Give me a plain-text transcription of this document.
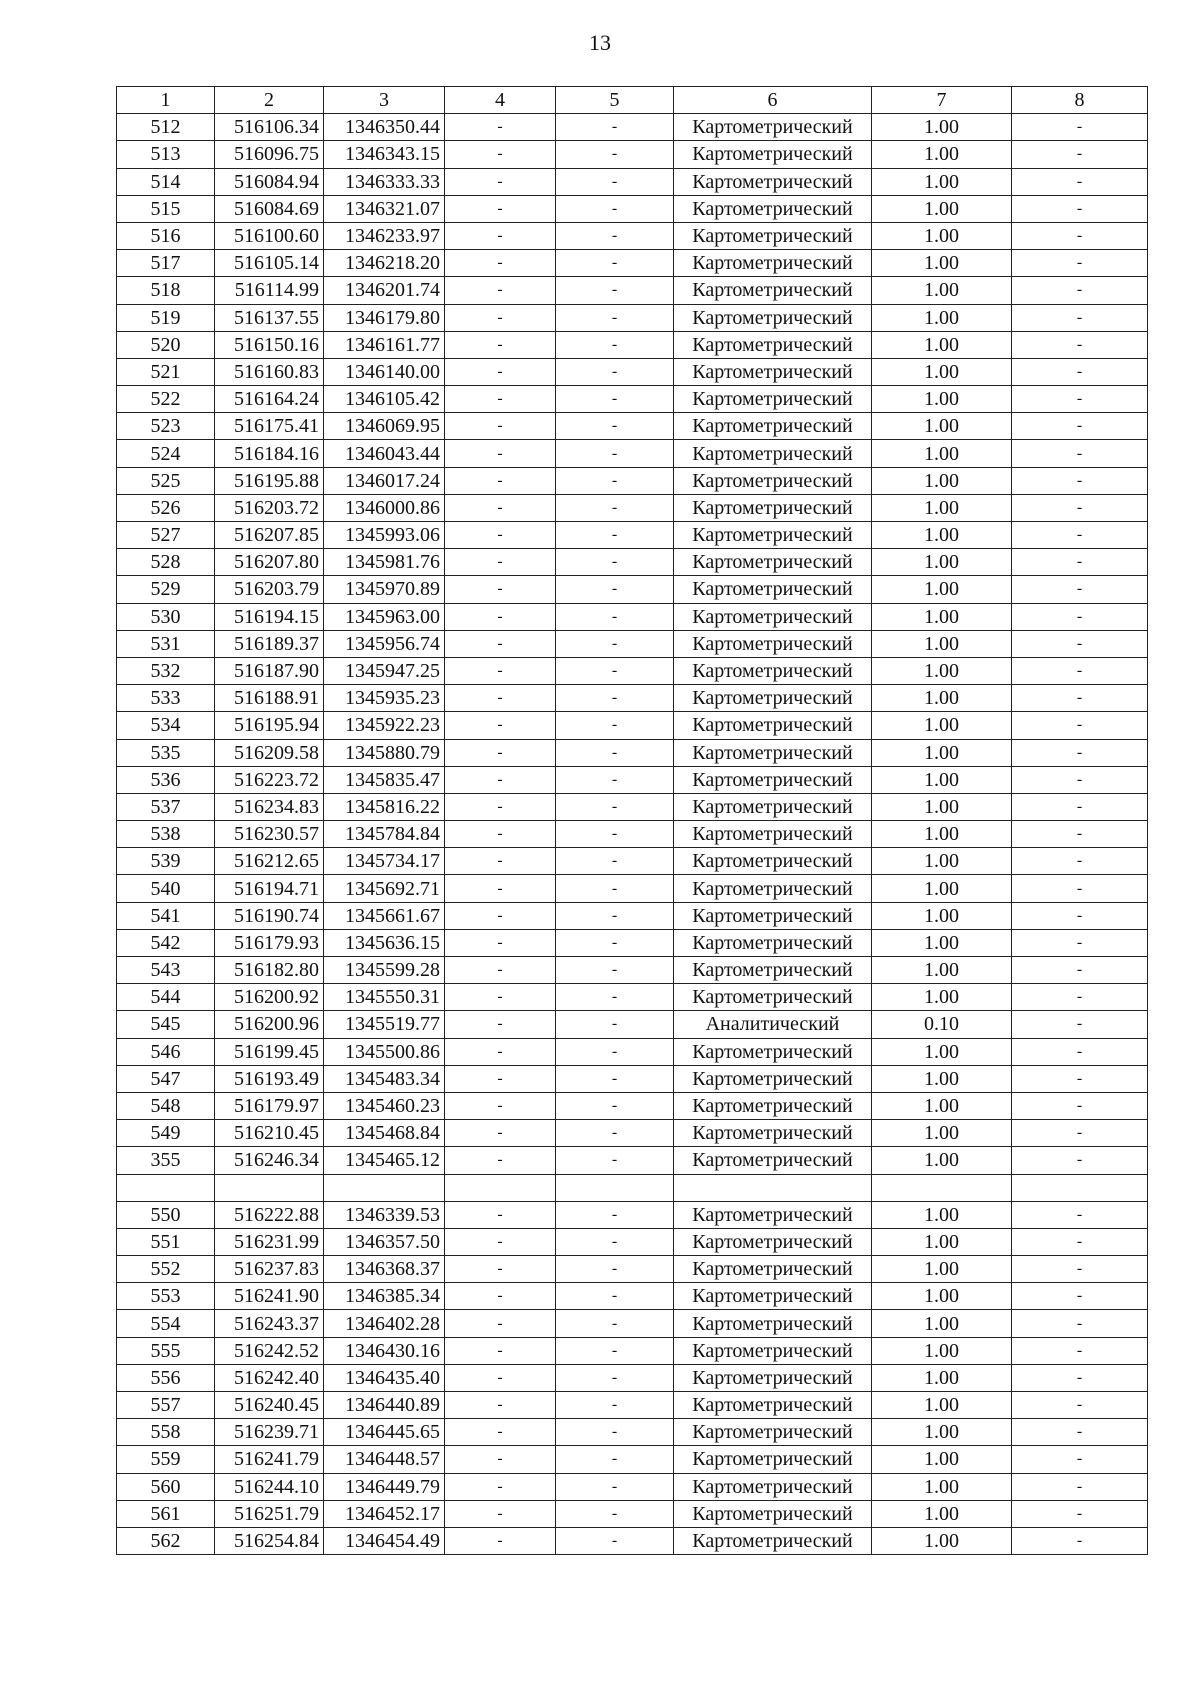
13
1	2	3	4	5	6	7	8
512	516106.34	1346350.44	-	-	Картометрический	1.00	-
513	516096.75	1346343.15	-	-	Картометрический	1.00	-
514	516084.94	1346333.33	-	-	Картометрический	1.00	-
515	516084.69	1346321.07	-	-	Картометрический	1.00	-
516	516100.60	1346233.97	-	-	Картометрический	1.00	-
517	516105.14	1346218.20	-	-	Картометрический	1.00	-
518	516114.99	1346201.74	-	-	Картометрический	1.00	-
519	516137.55	1346179.80	-	-	Картометрический	1.00	-
520	516150.16	1346161.77	-	-	Картометрический	1.00	-
521	516160.83	1346140.00	-	-	Картометрический	1.00	-
522	516164.24	1346105.42	-	-	Картометрический	1.00	-
523	516175.41	1346069.95	-	-	Картометрический	1.00	-
524	516184.16	1346043.44	-	-	Картометрический	1.00	-
525	516195.88	1346017.24	-	-	Картометрический	1.00	-
526	516203.72	1346000.86	-	-	Картометрический	1.00	-
527	516207.85	1345993.06	-	-	Картометрический	1.00	-
528	516207.80	1345981.76	-	-	Картометрический	1.00	-
529	516203.79	1345970.89	-	-	Картометрический	1.00	-
530	516194.15	1345963.00	-	-	Картометрический	1.00	-
531	516189.37	1345956.74	-	-	Картометрический	1.00	-
532	516187.90	1345947.25	-	-	Картометрический	1.00	-
533	516188.91	1345935.23	-	-	Картометрический	1.00	-
534	516195.94	1345922.23	-	-	Картометрический	1.00	-
535	516209.58	1345880.79	-	-	Картометрический	1.00	-
536	516223.72	1345835.47	-	-	Картометрический	1.00	-
537	516234.83	1345816.22	-	-	Картометрический	1.00	-
538	516230.57	1345784.84	-	-	Картометрический	1.00	-
539	516212.65	1345734.17	-	-	Картометрический	1.00	-
540	516194.71	1345692.71	-	-	Картометрический	1.00	-
541	516190.74	1345661.67	-	-	Картометрический	1.00	-
542	516179.93	1345636.15	-	-	Картометрический	1.00	-
543	516182.80	1345599.28	-	-	Картометрический	1.00	-
544	516200.92	1345550.31	-	-	Картометрический	1.00	-
545	516200.96	1345519.77	-	-	Аналитический	0.10	-
546	516199.45	1345500.86	-	-	Картометрический	1.00	-
547	516193.49	1345483.34	-	-	Картометрический	1.00	-
548	516179.97	1345460.23	-	-	Картометрический	1.00	-
549	516210.45	1345468.84	-	-	Картометрический	1.00	-
355	516246.34	1345465.12	-	-	Картометрический	1.00	-

550	516222.88	1346339.53	-	-	Картометрический	1.00	-
551	516231.99	1346357.50	-	-	Картометрический	1.00	-
552	516237.83	1346368.37	-	-	Картометрический	1.00	-
553	516241.90	1346385.34	-	-	Картометрический	1.00	-
554	516243.37	1346402.28	-	-	Картометрический	1.00	-
555	516242.52	1346430.16	-	-	Картометрический	1.00	-
556	516242.40	1346435.40	-	-	Картометрический	1.00	-
557	516240.45	1346440.89	-	-	Картометрический	1.00	-
558	516239.71	1346445.65	-	-	Картометрический	1.00	-
559	516241.79	1346448.57	-	-	Картометрический	1.00	-
560	516244.10	1346449.79	-	-	Картометрический	1.00	-
561	516251.79	1346452.17	-	-	Картометрический	1.00	-
562	516254.84	1346454.49	-	-	Картометрический	1.00	-
